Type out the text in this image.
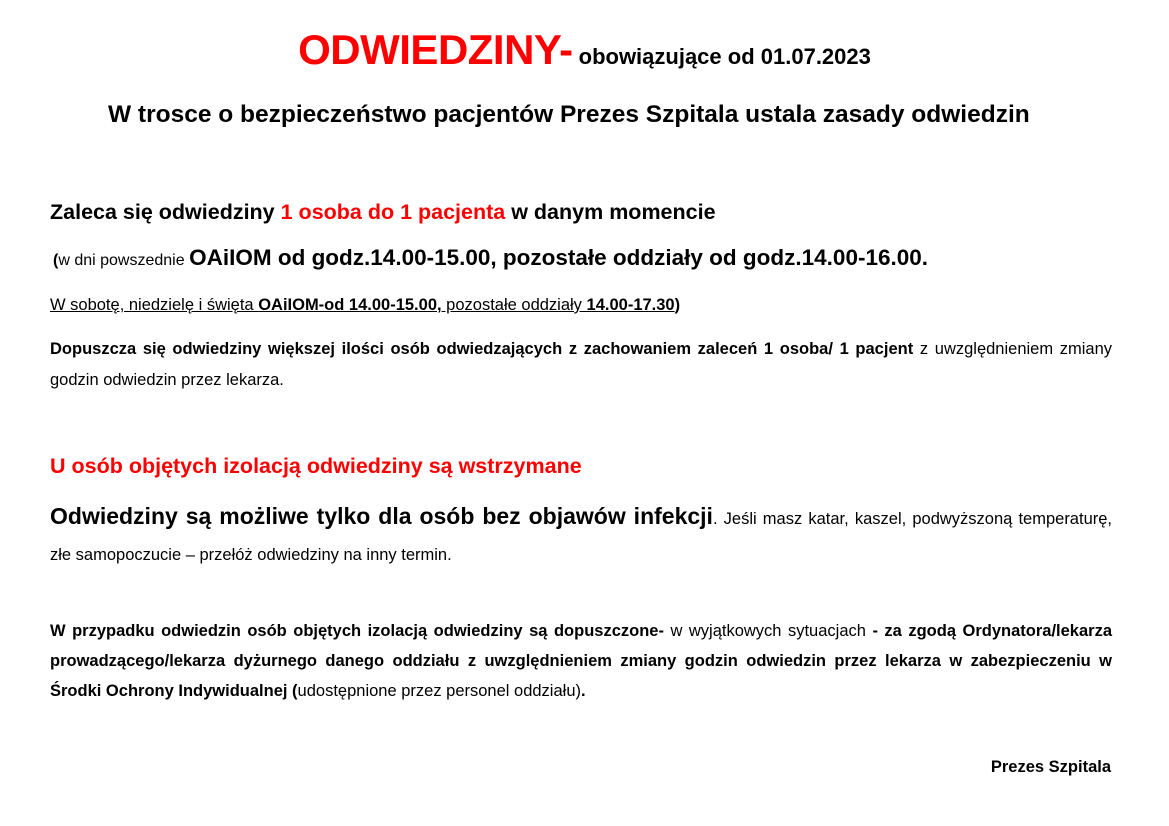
ODWIEDZINY- obowiązujące od 01.07.2023
W trosce o bezpieczeństwo pacjentów Prezes Szpitala ustala zasady odwiedzin
Zaleca się odwiedziny 1 osoba do 1 pacjenta w danym momencie
(w dni powszednie OAiIOM od godz.14.00-15.00, pozostałe oddziały od godz.14.00-16.00.
W sobotę, niedzielę i święta OAiIOM-od 14.00-15.00, pozostałe oddziały 14.00-17.30)
Dopuszcza się odwiedziny większej ilości osób odwiedzających z zachowaniem zaleceń 1 osoba/ 1 pacjent z uwzględnieniem zmiany godzin odwiedzin przez lekarza.
U osób objętych izolacją odwiedziny są wstrzymane
Odwiedziny są możliwe tylko dla osób bez objawów infekcji. Jeśli masz katar, kaszel, podwyższoną temperaturę, złe samopoczucie – przełóż odwiedziny na inny termin.
W przypadku odwiedzin osób objętych izolacją odwiedziny są dopuszczone- w wyjątkowych sytuacjach - za zgodą Ordynatora/lekarza prowadzącego/lekarza dyżurnego danego oddziału z uwzględnieniem zmiany godzin odwiedzin przez lekarza w zabezpieczeniu w Środki Ochrony Indywidualnej (udostępnione przez personel oddziału).
Prezes Szpitala
